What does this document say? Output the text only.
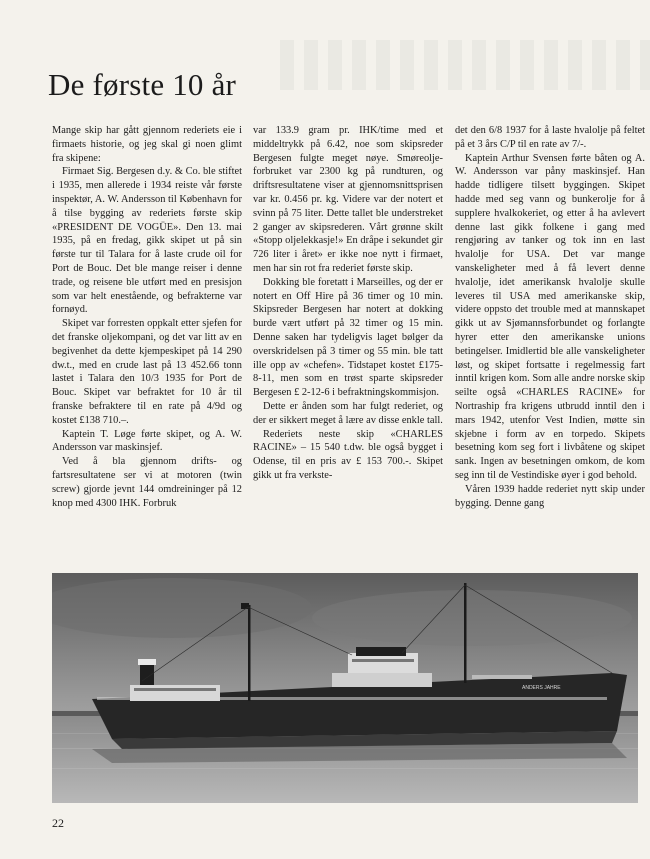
De første 10 år

Mange skip har gått gjennom rederiets eie i firmaets historie, og jeg skal gi noen glimt fra skipene:

Firmaet Sig. Bergesen d.y. & Co. ble stiftet i 1935, men allerede i 1934 reiste vår første inspektør, A. W. Andersson til København for å tilse bygging av rederiets første skip «PRESIDENT DE VOGÜE». Den 13. mai 1935, på en fredag, gikk skipet ut på sin første tur til Talara for å laste crude oil for Port de Bouc. Det ble mange reiser i denne trade, og reisene ble utført med en presisjon som var helt enestående, og befrakterne var fornøyd.

Skipet var forresten oppkalt etter sjefen for det franske oljekompani, og det var litt av en begivenhet da dette kjempeskipet på 14 290 dw.t., med en crude last på 13 452.66 tonn lastet i Talara den 10/3 1935 for Port de Bouc. Skipet var befraktet for 10 år til franske befraktere til en rate på 4/9d og kostet £138 710.–.

Kaptein T. Løge førte skipet, og A. W. Andersson var maskinsjef.

Ved å bla gjennom drifts- og fartsresultatene ser vi at motoren (twin screw) gjorde jevnt 144 omdreininger på 12 knop med 4300 IHK. Forbruk

var 133.9 gram pr. IHK/time med et middeltrykk på 6.42, noe som skipsreder Bergesen fulgte meget nøye. Smøreolje-forbruket var 2300 kg på rundturen, og driftsresultatene viser at gjennomsnittsprisen var kr. 0.456 pr. kg. Videre var der notert et svinn på 75 liter. Dette tallet ble understreket 2 ganger av skipsrederen. Vårt grønne skilt «Stopp oljelekkasje!» En dråpe i sekundet gir 726 liter i året» er ikke noe nytt i firmaet, men har sin rot fra rederiet første skip.

Dokking ble foretatt i Marseilles, og der er notert en Off Hire på 36 timer og 10 min. Skipsreder Bergesen har notert at dokking burde vært utført på 32 timer og 15 min. Denne saken har tydeligvis laget bølger da overskridelsen på 3 timer og 55 min. ble tatt ille opp av «chefen». Tidstapet kostet £175-8-11, men som en trøst sparte skipsreder Bergesen £ 2-12-6 i befraktningskommisjon.

Dette er ånden som har fulgt rederiet, og der er sikkert meget å lære av disse enkle tall.

Rederiets neste skip «CHARLES RACINE» – 15 540 t.dw. ble også bygget i Odense, til en pris av £ 153 700.-. Skipet gikk ut fra verkste-

det den 6/8 1937 for å laste hvalolje på feltet på et 3 års C/P til en rate av 7/-.

Kaptein Arthur Svensen førte båten og A. W. Andersson var påny maskinsjef. Han hadde tidligere tilsett byggingen. Skipet hadde med seg vann og bunkerolje for å supplere hvalkokeriet, og etter å ha avlevert denne last gikk folkene i gang med rengjøring av tanker og tok inn en last hvalolje for USA. Det var mange vanskeligheter med å få levert denne hvalolje, idet amerikansk hvalolje skulle leveres til USA med amerikanske skip, videre oppsto det trouble med at mannskapet gikk ut av Sjømannsforbundet og forlangte hyrer etter den amerikanske unions betingelser. Imidlertid ble alle vanskeligheter løst, og skipet fortsatte i regelmessig fart inntil krigen kom. Som alle andre norske skip seilte også «CHARLES RACINE» for Nortraship fra krigens utbrudd inntil den i mars 1942, utenfor Vest Indien, møtte sin skjebne i form av en torpedo. Skipets besetning kom seg fort i livbåtene og skipet sank. Ingen av besetningen omkom, de kom seg inn til de Vestindiske øyer i god behold.

Våren 1939 hadde rederiet nytt skip under bygging. Denne gang

ANDERS JAHRE
22
